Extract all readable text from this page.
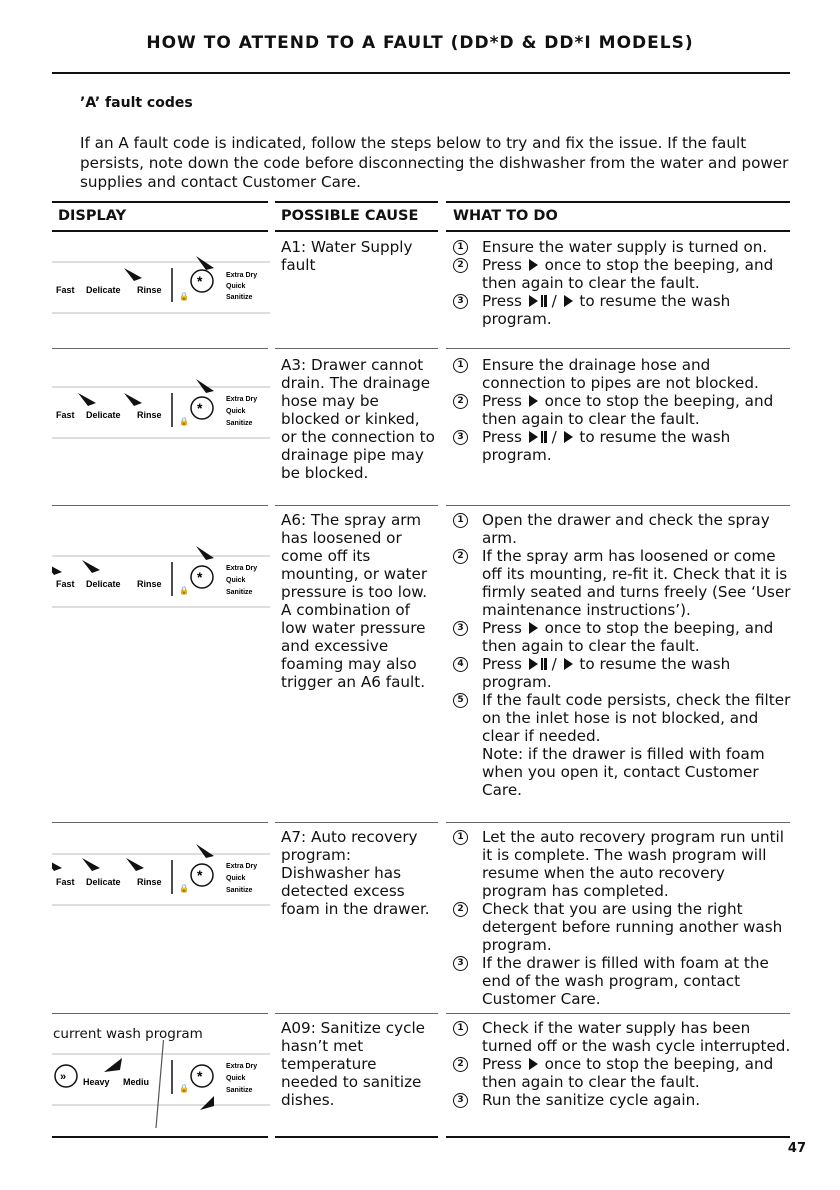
HOW TO ATTEND TO A FAULT (DD*D & DD*I MODELS)
’A’ fault codes
If an A fault code is indicated, follow the steps below to try and fix the issue. If the fault persists, note down the code before disconnecting the dishwasher from the water and power supplies and contact Customer Care.
DISPLAY	POSSIBLE CAUSE WHAT TO DO
Fast Delicate Rinse
🔒
*	Extra Dry
Quick
Sanitize
Fast Delicate Rinse
🔒
*
Extra Dry
Quick
Sanitize
Fast Delicate Rinse
🔒
*
Extra Dry
Quick
Sanitize
Fast Delicate Rinse
🔒
*
Extra Dry
Quick
Sanitize
current wash program
» Heavy Mediu
🔒
*
Extra Dry
Quick
Sanitize
A1: Water Supply fault
A3: Drawer cannot drain. The drainage hose may be blocked or kinked, or the connection to drainage pipe may be blocked.
A6: The spray arm has loosened or come off its mounting, or water pressure is too low. A combination of low water pressure and excessive foaming may also trigger an A6 fault.
A7: Auto recovery program: Dishwasher has detected excess foam in the drawer.
A09: Sanitize cycle hasn’t met temperature needed to sanitize dishes.
1 Ensure the water supply is turned on.
2 Press once to stop the beeping, and then again to clear the fault.
3 Press / to resume the wash program.
1 Ensure the drainage hose and connection to pipes are not blocked.
2 Press once to stop the beeping, and then again to clear the fault.
3 Press / to resume the wash program.
1 Open the drawer and check the spray arm.
2 If the spray arm has loosened or come off its mounting, re-fit it. Check that it is firmly seated and turns freely (See ‘User maintenance instructions’).
3 Press once to stop the beeping, and then again to clear the fault.
4 Press / to resume the wash program.
5 If the fault code persists, check the filter on the inlet hose is not blocked, and clear if needed.
Note: if the drawer is filled with foam when you open it, contact Customer Care.
1 Let the auto recovery program run until it is complete. The wash program will resume when the auto recovery program has completed.
2 Check that you are using the right detergent before running another wash program.
3 If the drawer is filled with foam at the end of the wash program, contact Customer Care.
1 Check if the water supply has been turned off or the wash cycle interrupted.
2 Press once to stop the beeping, and then again to clear the fault.
3 Run the sanitize cycle again.
47
